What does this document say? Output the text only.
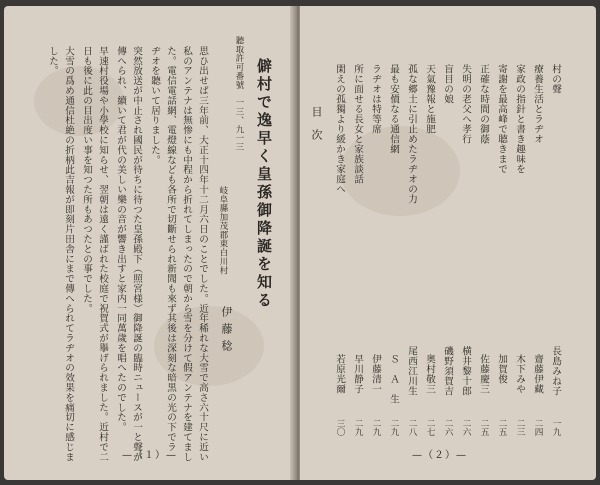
僻村で逸早く皇孫御降誕を知る
聽取許可番號　一三、九一三
岐阜縣加茂郡東白川村
伊藤稔
思ひ出せば三年前、大正十四年十二月六日のことでした。近年稀れな大雪で高さ六十尺に近い
私のアンテナは無惨にも中程から折れてしまったので朝から雪を分けて假アンテナを建てまし
た。電信電話網、電燈線なども各所で切斷せられ新聞も來ず其後は深刻な暗黒の光の下でラ
ヂオを聽いて居りました。
突然放送が中止され國民が待ちに待つた皇孫殿下（照宮様）御降誕の臨時ニュースが一と聲が
傳へられ、續いて君が代の美しい樂の音が響き出すと家内一同萬歲を唱へたのでした。
早速村役場や小學校に知らせ、翌朝は遠く謹ばれた校庭で祝賀式が擧げられました。近村で二
日も後に此の目出度い事を知つた所もあつたとの事でした。
大雪の爲め通信杜絶の折柄此吉報が即刻片田舎にまで傳へられてラヂオの效果を痛切に感じま
した。
—（１）—
村の聲
長島みね子
一九
療養生活とラヂオ
齋藤伊藏
二四
家政の指針と書き趣味を
木下みや
二三
寄謝を最高峰で聴きまで
加賀俊
二五
正確な時間の御蔭
佐藤慶三
二五
失明の老父へ孝行
横井黎十郎
二六
盲目の娘
磯野須賀吉
二六
天氣豫報と施肥
奥村敬三
二七
孤な郷土に引止めたラヂオの力
尾西江川生
二八
最も安價なる通信網
Ｓ　Ａ　生
二九
ラヂオは特等席
伊藤清一
二九
所に面せる長女と家族談話
早川静子
二九
閑えの孤獨より緩かき家庭へ
若原光爾
三〇
目次
—（２）—
